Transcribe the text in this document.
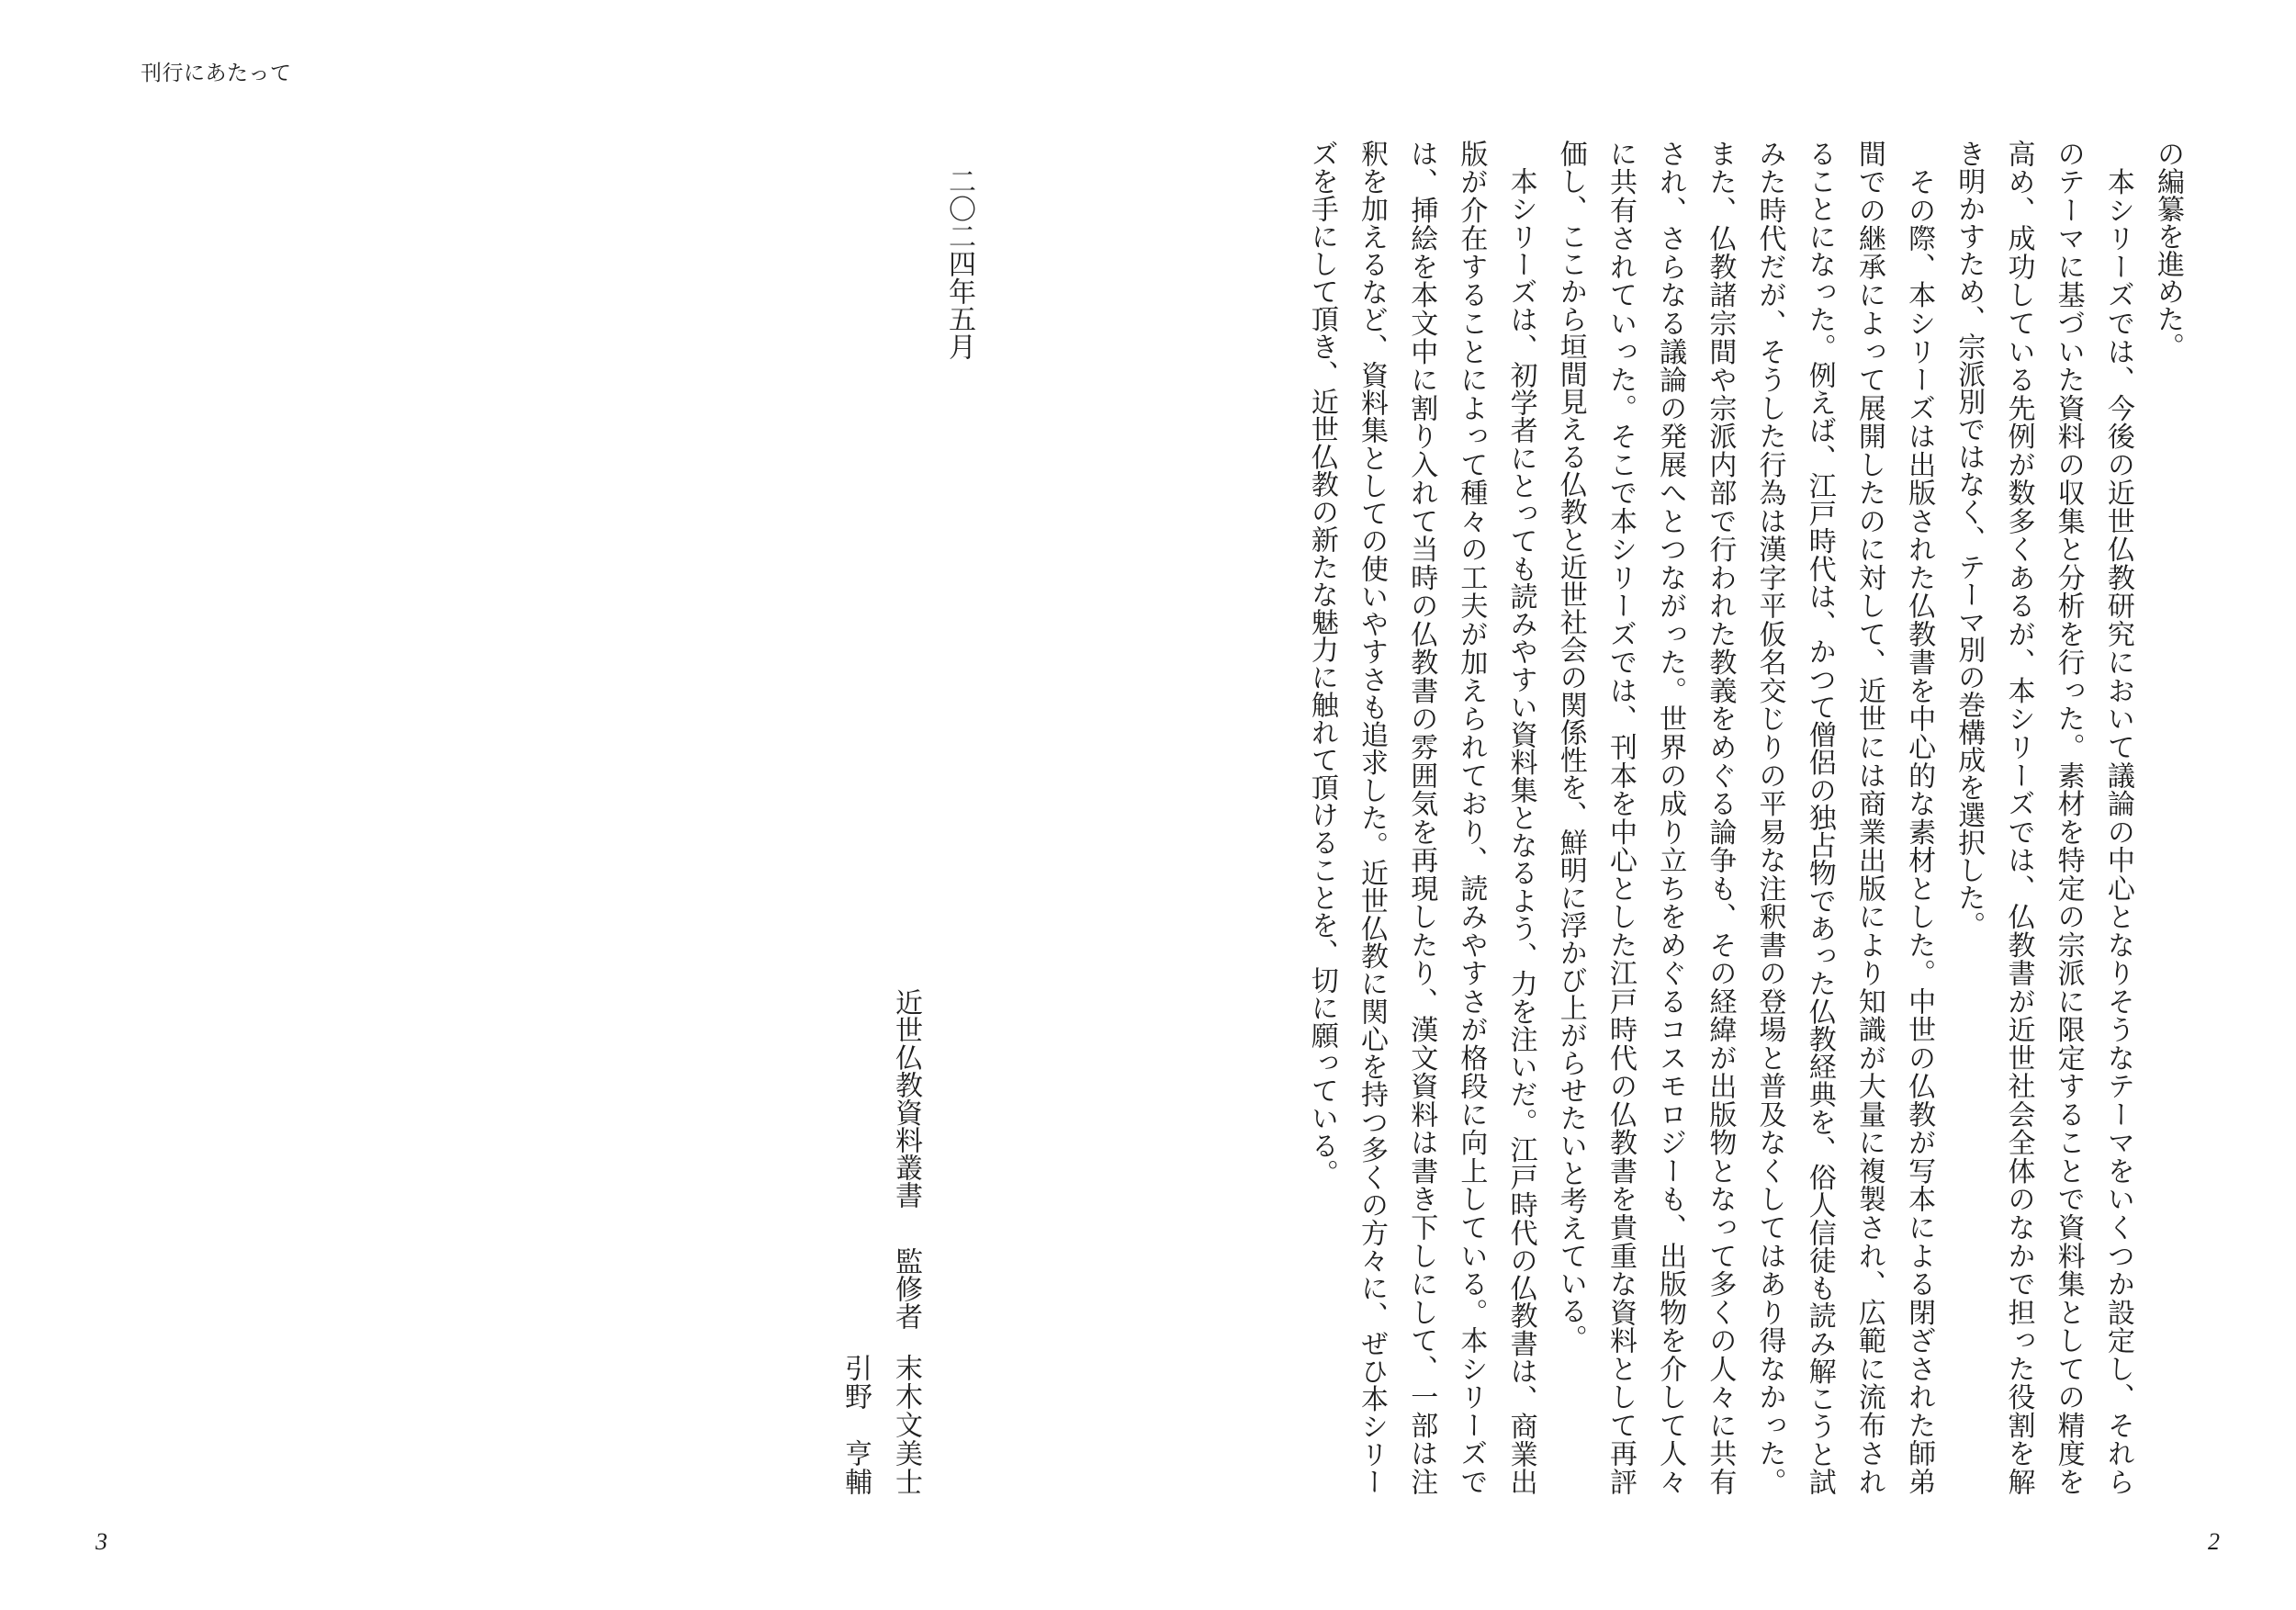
刊行にあたって
二〇二四年五月
近世仏教資料叢書
監修者
末木文美士
引野　亨輔
3
の編纂を進めた。
　本シリーズでは、今後の近世仏教研究において議論の中心となりそうなテーマをいくつか設定し、それら
のテーマに基づいた資料の収集と分析を行った。素材を特定の宗派に限定することで資料集としての精度を
高め、成功している先例が数多くあるが、本シリーズでは、仏教書が近世社会全体のなかで担った役割を解
き明かすため、宗派別ではなく、テーマ別の巻構成を選択した。
　その際、本シリーズは出版された仏教書を中心的な素材とした。中世の仏教が写本による閉ざされた師弟
間での継承によって展開したのに対して、近世には商業出版により知識が大量に複製され、広範に流布され
ることになった。例えば、江戸時代は、かつて僧侶の独占物であった仏教経典を、俗人信徒も読み解こうと試
みた時代だが、そうした行為は漢字平仮名交じりの平易な注釈書の登場と普及なくしてはあり得なかった。
また、仏教諸宗間や宗派内部で行われた教義をめぐる論争も、その経緯が出版物となって多くの人々に共有
され、さらなる議論の発展へとつながった。世界の成り立ちをめぐるコスモロジーも、出版物を介して人々
に共有されていった。そこで本シリーズでは、刊本を中心とした江戸時代の仏教書を貴重な資料として再評
価し、ここから垣間見える仏教と近世社会の関係性を、鮮明に浮かび上がらせたいと考えている。
　本シリーズは、初学者にとっても読みやすい資料集となるよう、力を注いだ。江戸時代の仏教書は、商業出
版が介在することによって種々の工夫が加えられており、読みやすさが格段に向上している。本シリーズで
は、挿絵を本文中に割り入れて当時の仏教書の雰囲気を再現したり、漢文資料は書き下しにして、一部は注
釈を加えるなど、資料集としての使いやすさも追求した。近世仏教に関心を持つ多くの方々に、ぜひ本シリー
ズを手にして頂き、近世仏教の新たな魅力に触れて頂けることを、切に願っている。
2
